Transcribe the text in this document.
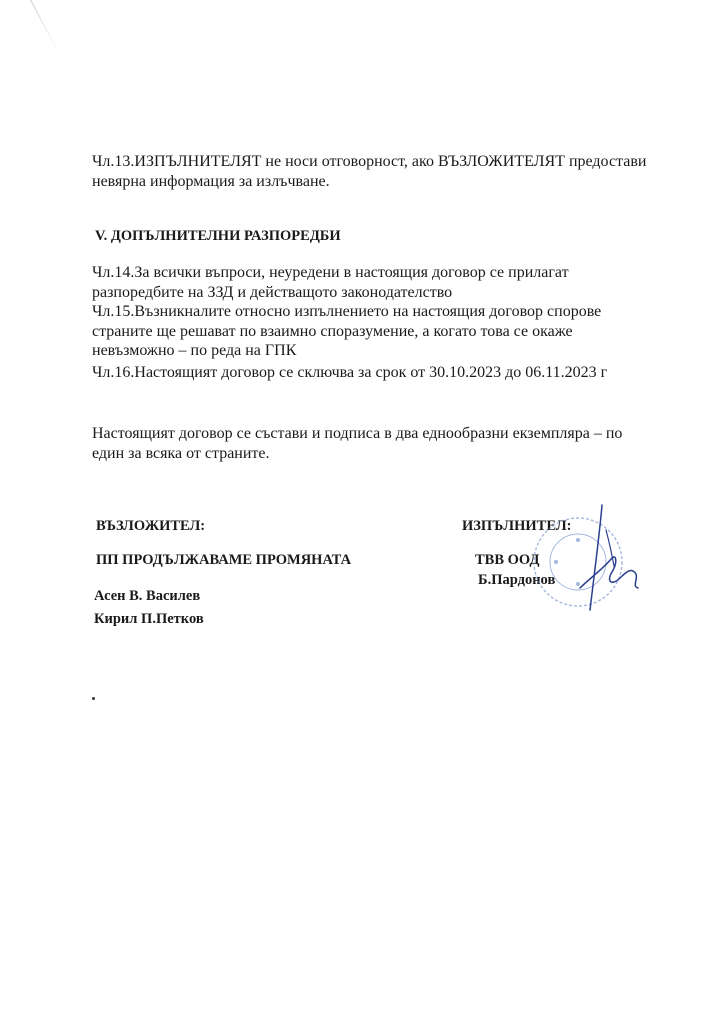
Чл.13.ИЗПЪЛНИТЕЛЯТ не носи отговорност, ако ВЪЗЛОЖИТЕЛЯТ предостави невярна информация за излъчване.
V. ДОПЪЛНИТЕЛНИ РАЗПОРЕДБИ
Чл.14.За всички въпроси, неуредени в настоящия договор се прилагат разпоредбите на ЗЗД и действащото законодателство
Чл.15.Възникналите относно изпълнението на настоящия договор спорове страните ще решават по взаимно споразумение, а когато това се окаже невъзможно – по реда на ГПК
Чл.16.Настоящият договор се сключва за срок от 30.10.2023 до 06.11.2023 г
Настоящият договор се състави и подписа в два еднообразни екземпляра – по един за всяка от страните.
ВЪЗЛОЖИТЕЛ:
ПП ПРОДЪЛЖАВАМЕ ПРОМЯНАТА
Асен В. Василев
Кирил П.Петков
ИЗПЪЛНИТЕЛ:
ТВВ ООД
Б.Пардонов
